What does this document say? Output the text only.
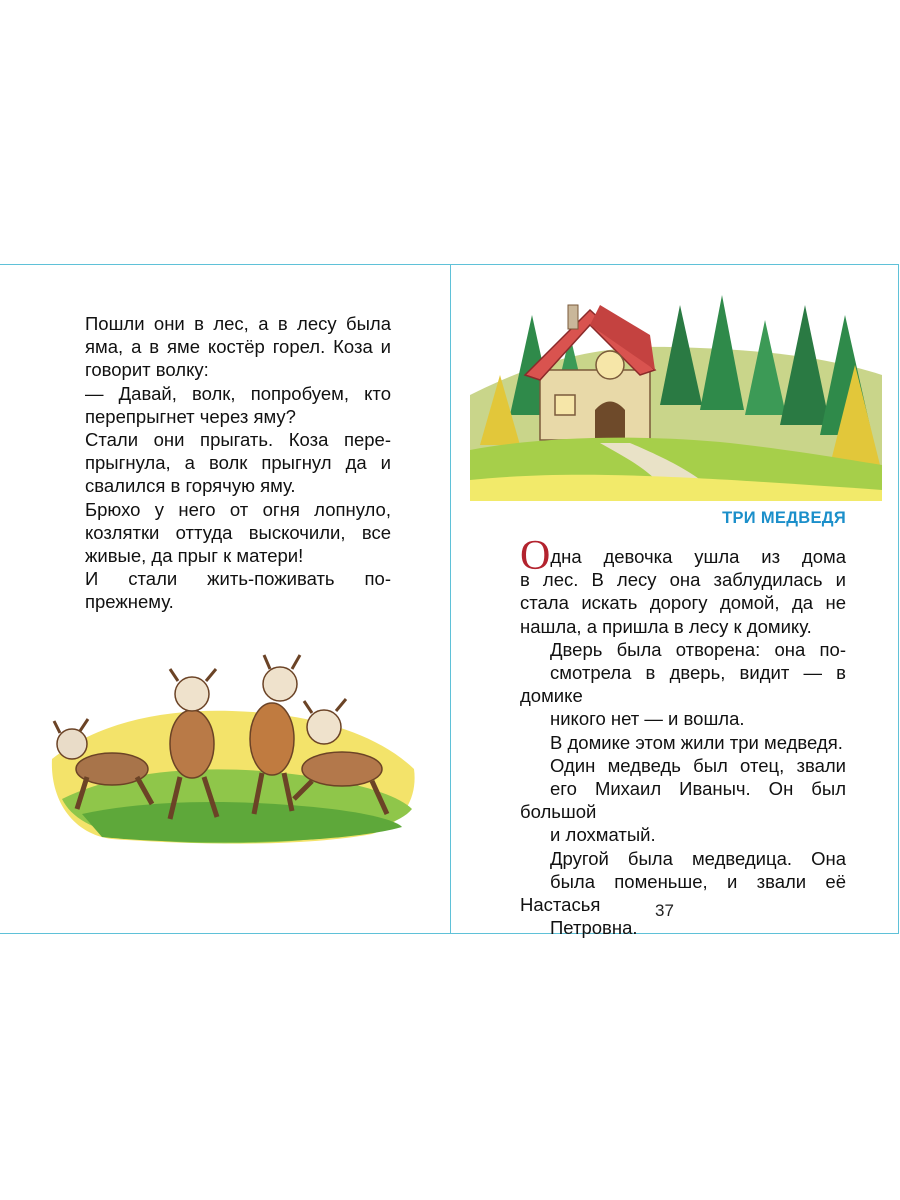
Пошли они в лес, а в лесу была
яма, а в яме костёр горел. Коза и
говорит волку:

— Давай, волк, попробуем, кто
перепрыгнет через яму?

Стали они прыгать. Коза пере-
прыгнула, а волк прыгнул да и
свалился в горячую яму.

Брюхо у него от огня лопнуло,
козлятки оттуда выскочили, все
живые, да прыг к матери!

И стали жить-поживать по-
прежнему.

ТРИ МЕДВЕДЯ

Одна девочка ушла из дома
в лес. В лесу она заблудилась и
стала искать дорогу домой, да не
нашла, а пришла в лесу к домику.

Дверь была отворена: она по-
смотрела в дверь, видит — в домике
никого нет — и вошла.

В домике этом жили три медведя.

Один медведь был отец, звали
его Михаил Иваныч. Он был большой
и лохматый.

Другой была медведица. Она
была поменьше, и звали её Настасья
Петровна.

37
